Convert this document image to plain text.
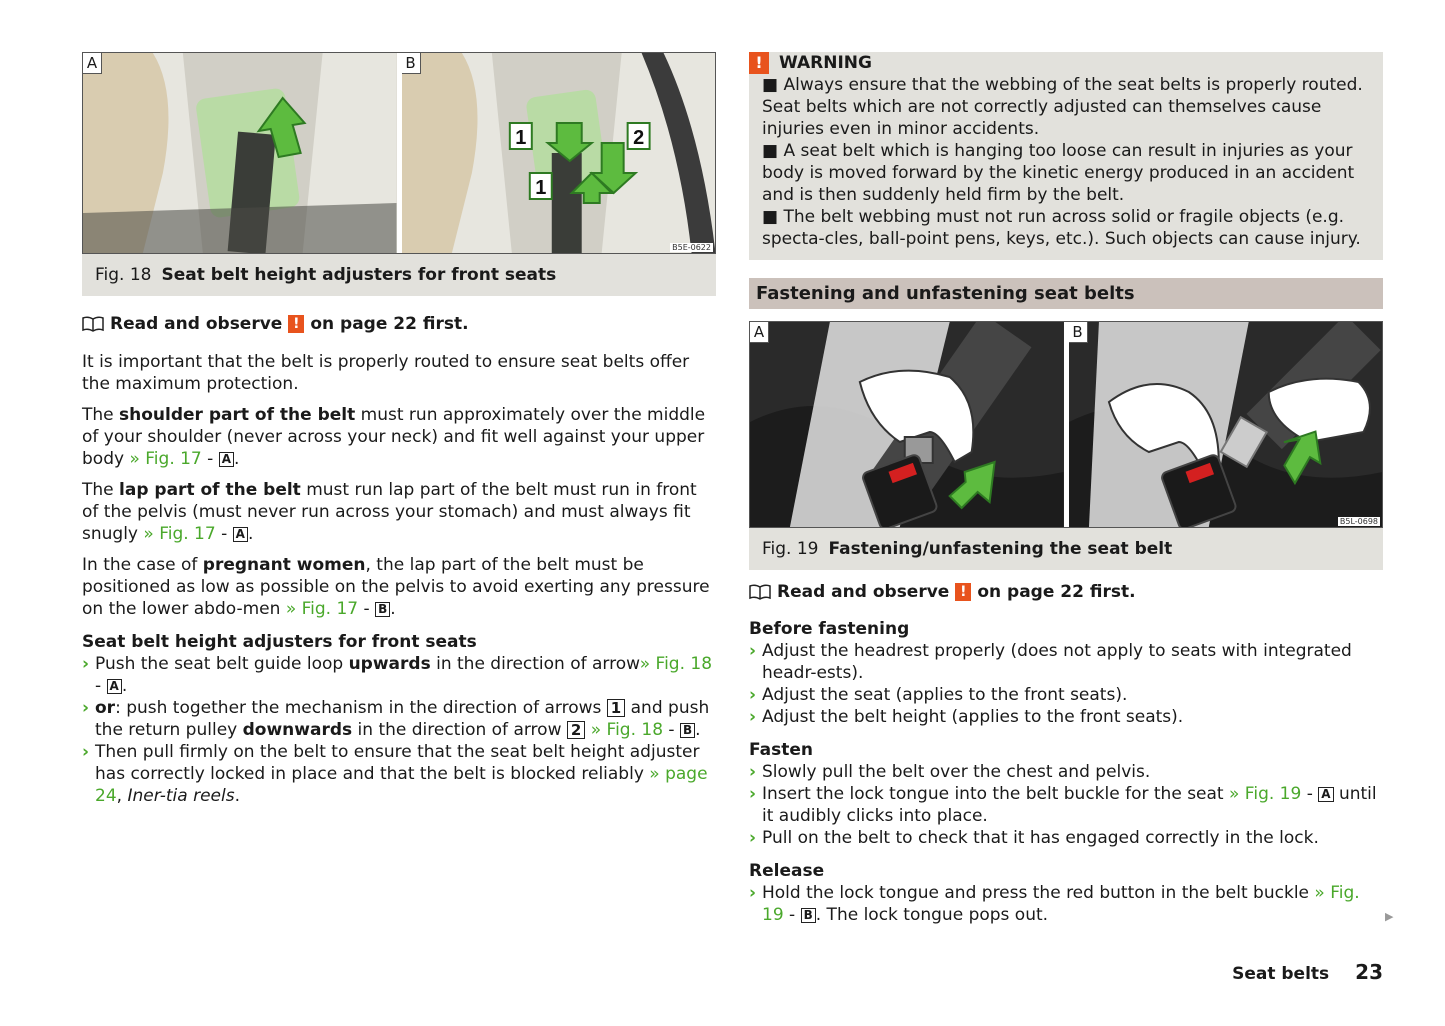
A	B
1	2
1
B5E-0622
Fig. 18 Seat belt height adjusters for front seats
Read and observe ! on page 22 first.

It is important that the belt is properly routed to ensure seat belts offer the maximum protection.

The shoulder part of the belt must run approximately over the middle of your shoulder (never across your neck) and fit well against your upper body » Fig. 17 - A .

The lap part of the belt must run lap part of the belt must run in front of the pelvis (must never run across your stomach) and must always fit snugly » Fig. 17 - A .

In the case of pregnant women, the lap part of the belt must be positioned as low as possible on the pelvis to avoid exerting any pressure on the lower abdo-men » Fig. 17 - B .

Seat belt height adjusters for front seats
› Push the seat belt guide loop upwards in the direction of arrow» Fig. 18 - A .
› or: push together the mechanism in the direction of arrows 1 and push the return pulley downwards in the direction of arrow 2 » Fig. 18 - B .
› Then pull firmly on the belt to ensure that the seat belt height adjuster has correctly locked in place and that the belt is blocked reliably » page 24, Iner-tia reels.
! WARNING
■ Always ensure that the webbing of the seat belts is properly routed. Seat belts which are not correctly adjusted can themselves cause injuries even in minor accidents.
■ A seat belt which is hanging too loose can result in injuries as your body is moved forward by the kinetic energy produced in an accident and is then suddenly held firm by the belt.
■ The belt webbing must not run across solid or fragile objects (e.g. specta-cles, ball-point pens, keys, etc.). Such objects can cause injury.
Fastening and unfastening seat belts
A	B
B5L-0698
Fig. 19 Fastening/unfastening the seat belt
Read and observe ! on page 22 first.
Before fastening
› Adjust the headrest properly (does not apply to seats with integrated headr-ests).
› Adjust the seat (applies to the front seats).
› Adjust the belt height (applies to the front seats).
Fasten
› Slowly pull the belt over the chest and pelvis.
› Insert the lock tongue into the belt buckle for the seat » Fig. 19 - A until it audibly clicks into place.
› Pull on the belt to check that it has engaged correctly in the lock.
Release
› Hold the lock tongue and press the red button in the belt buckle » Fig. 19 - B . The lock tongue pops out.	▶
Seat belts 23
